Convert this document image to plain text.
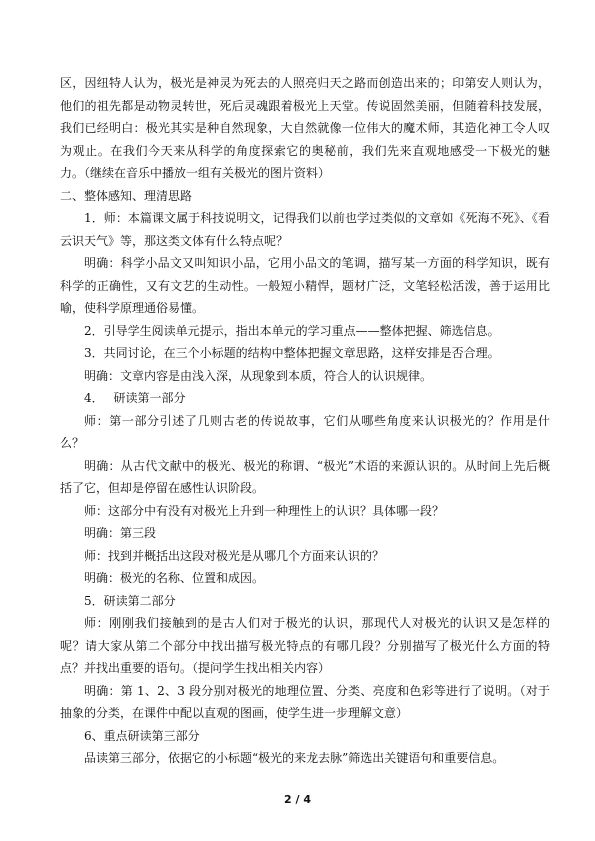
区，因纽特人认为，极光是神灵为死去的人照亮归天之路而创造出来的；印第安人则认为，他们的祖先都是动物灵转世，死后灵魂跟着极光上天堂。传说固然美丽，但随着科技发展，我们已经明白：极光其实是种自然现象，大自然就像一位伟大的魔术师，其造化神工令人叹为观止。在我们今天来从科学的角度探索它的奥秘前，我们先来直观地感受一下极光的魅力。（继续在音乐中播放一组有关极光的图片资料）

二、整体感知、理清思路

1．师：本篇课文属于科技说明文，记得我们以前也学过类似的文章如《死海不死》、《看云识天气》等，那这类文体有什么特点呢？

明确：科学小品文又叫知识小品，它用小品文的笔调，描写某一方面的科学知识，既有科学的正确性，又有文艺的生动性。一般短小精悍，题材广泛，文笔轻松活泼，善于运用比喻，使科学原理通俗易懂。

2．引导学生阅读单元提示，指出本单元的学习重点——整体把握、筛选信息。

3．共同讨论，在三个小标题的结构中整体把握文章思路，这样安排是否合理。

明确：文章内容是由浅入深，从现象到本质，符合人的认识规律。

4．　 研读第一部分

师：第一部分引述了几则古老的传说故事，它们从哪些角度来认识极光的？作用是什么？

明确：从古代文献中的极光、极光的称谓、“极光”术语的来源认识的。从时间上先后概括了它，但却是停留在感性认识阶段。

师：这部分中有没有对极光上升到一种理性上的认识？具体哪一段？

明确：第三段

师：找到并概括出这段对极光是从哪几个方面来认识的？

明确：极光的名称、位置和成因。

5．研读第二部分

师：刚刚我们接触到的是古人们对于极光的认识，那现代人对极光的认识又是怎样的呢？请大家从第二个部分中找出描写极光特点的有哪几段？分别描写了极光什么方面的特点？并找出重要的语句。（提问学生找出相关内容）

明确：第 1、2、3 段分别对极光的地理位置、分类、亮度和色彩等进行了说明。（对于抽象的分类，在课件中配以直观的图画，使学生进一步理解文意）

6、重点研读第三部分

品读第三部分，依据它的小标题“极光的来龙去脉”筛选出关键语句和重要信息。

2 / 4
